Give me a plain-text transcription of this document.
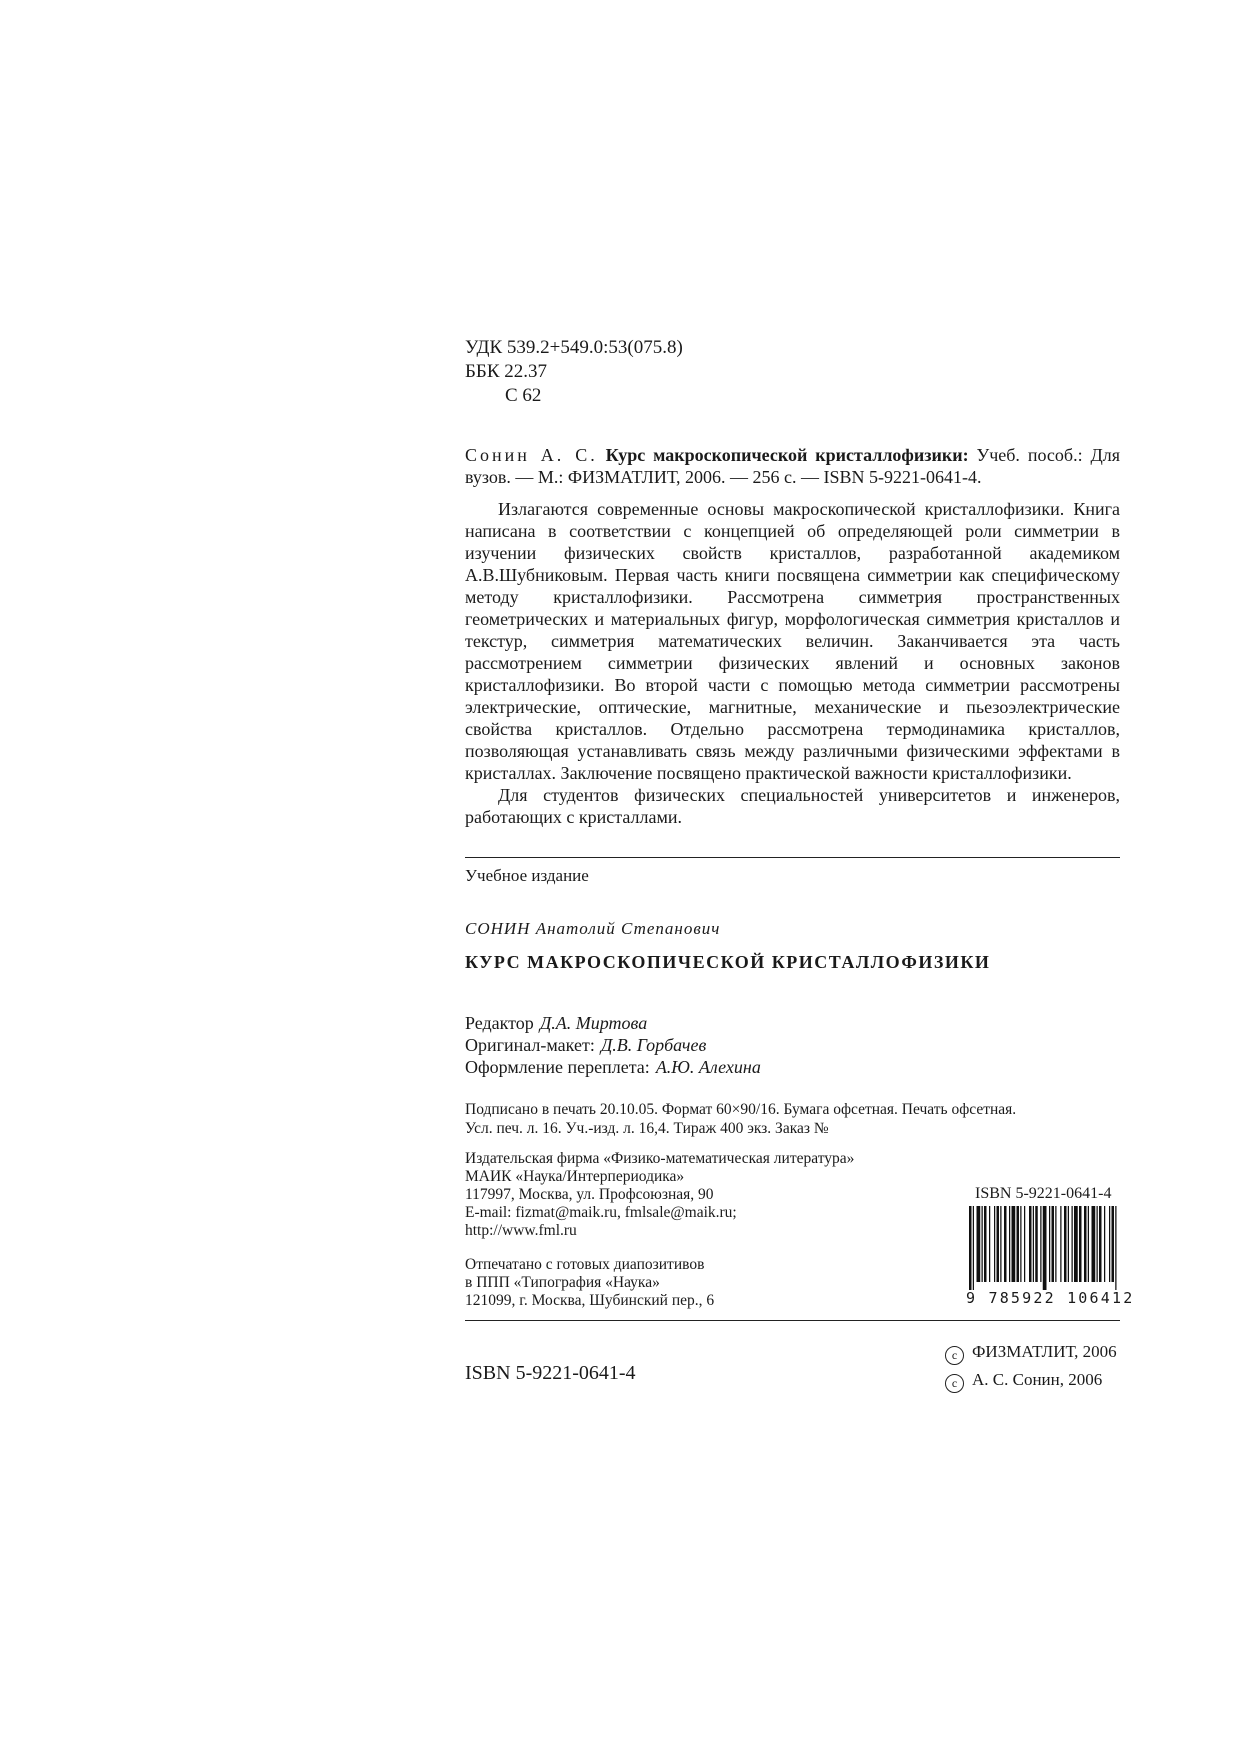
УДК 539.2+549.0:53(075.8)
ББК 22.37
С 62
Сонин А. С. Курс макроскопической кристаллофизики: Учеб. пособ.: Для вузов. — М.: ФИЗМАТЛИТ, 2006. — 256 с. — ISBN 5-9221-0641-4.

Излагаются современные основы макроскопической кристаллофизики. Книга написана в соответствии с концепцией об определяющей роли симметрии в изучении физических свойств кристаллов, разработанной академиком А.В.Шубниковым. Первая часть книги посвящена симметрии как специфическому методу кристаллофизики. Рассмотрена симметрия пространственных геометрических и материальных фигур, морфологическая симметрия кристаллов и текстур, симметрия математических величин. Заканчивается эта часть рассмотрением симметрии физических явлений и основных законов кристаллофизики. Во второй части с помощью метода симметрии рассмотрены электрические, оптические, магнитные, механические и пьезоэлектрические свойства кристаллов. Отдельно рассмотрена термодинамика кристаллов, позволяющая устанавливать связь между различными физическими эффектами в кристаллах. Заключение посвящено практической важности кристаллофизики.

Для студентов физических специальностей университетов и инженеров, работающих с кристаллами.

Учебное издание
СОНИН Анатолий Степанович
КУРС МАКРОСКОПИЧЕСКОЙ КРИСТАЛЛОФИЗИКИ
Редактор Д.А. Миртова
Оригинал-макет: Д.В. Горбачев
Оформление переплета: А.Ю. Алехина
Подписано в печать 20.10.05. Формат 60×90/16. Бумага офсетная. Печать офсетная.
Усл. печ. л. 16. Уч.-изд. л. 16,4. Тираж 400 экз. Заказ №
Издательская фирма «Физико-математическая литература»
МАИК «Наука/Интерпериодика»
117997, Москва, ул. Профсоюзная, 90
E-mail: fizmat@maik.ru, fmlsale@maik.ru;
http://www.fml.ru
Отпечатано с готовых диапозитивов
в ППП «Типография «Наука»
121099, г. Москва, Шубинский пер., 6
ISBN 5-9221-0641-4
9 785922 106412
ISBN 5-9221-0641-4
c ФИЗМАТЛИТ, 2006
c А. С. Сонин, 2006
